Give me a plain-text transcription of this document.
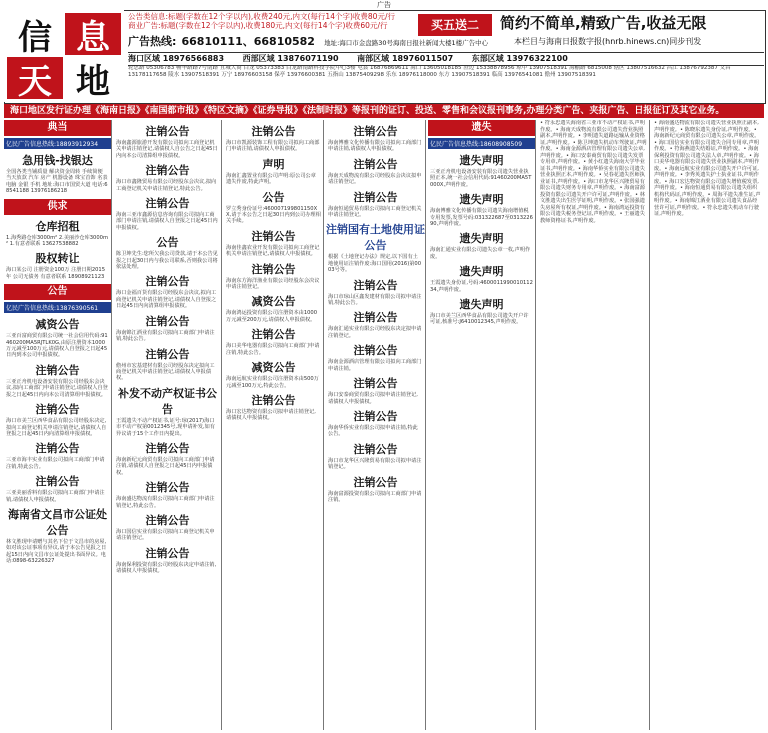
广告
信 息
天 地
公告类信息:标题(字数在12个字以内),收费240元,内文(每行14个字)收费80元/行
商业广告:标题(字数在12个字以内),收费180元,内文(每行14个字)收费60元/行
广告热线: 66810111、66810582 地址:海口市金盘路30号海南日报社新闻大楼1楼广告中心
买五送二	简约不简单,精致广告,收益无限
本栏目与海南日报数字报(hnrb.hinews.cn)同步刊发
海口区域 18976566883 西部区域 13876071190 南部区域 18976011507 东部区域 13976322100
轮思路 05306783 畅华路路7号南路 且城大商 白龙 05373383 白龙路南路科技学院中心3楼 屯县 16876869611 海口 13605018185 澄迈 15338878956 琼中 13907518391 海榆路 6815008 辖区 13807516632 昌江 13876792387 文昌 13178117658 陵水 13907518391 万宁 18976603158 保亭 13976600381 五指山 13875409298 乐东 18976118000 东方 13907518391 临高 13976541081 儋州 13907518391
海口地区发行证办理《海南日报》《南国都市报》《特区文摘》《证券导报》《法制时报》等报刊的证订、投送、零售和会议报刊事务,办理分类广告、夹报广告、日报征订及其它业务。
典当
亿民广告信息热线:18893912934
急用钱-找银达
全国各类当铺质量 解决资金周转 手续简便 当天放款 汽车 房产 机器设备 珠宝首饰 名表 电脑 金银 手机 地址:海口市国贸大道 电话:68541188 13976186218
供求
仓库招租
1.海秀路仓库3000m² 2.美丽沙仓库3000m² 1.有意者联系 13627538882
股权转让
海口某公司 注册资金100万 注册日期2015年 公司无债务 有意者联系 18908921123
公告
亿民广告信息热线:13876390561
减资公告
三亚百富商贸有限公司统一社会信用代码:91460200MA5RJTLK0G,由原注册资本1000万元减至100万元,请债权人自登报之日起45日内到本公司申报债权。
注销公告
三亚正舟机电设备安装有限公司经股东会决议,拟向工商部门申请注销登记,请债权人自登报之日起45日内向本公司清算组申报债权。
注销公告
海口市美兰区西华食品有限公司经股东决定,拟向工商登记机关申请注销登记,请债权人自登报之日起45日内向清算组申报债权。
注销公告
三亚市海丰实业有限公司拟向工商部门申请注销,特此公告。
注销公告
三亚美丽香料有限公司拟向工商部门申请注销,请债权人申报债权。
海南省文昌市公证处公告
林文胜现申请赠与其名下位于文昌市的房屋,如对该公证事项有异议,请于本公告见报之日起15日内向文昌市公证处提出书面异议。电话:0898-63226327
注销公告
海南鑫源旅游开发有限公司拟向工商登记机关申请注销登记,请债权人自公告之日起45日内向本公司清算组申报债权。
注销公告
海口市鑫隆贸易有限公司经股东会决议,拟向工商登记机关申请注销登记,特此公告。
注销公告
海南三亚市鑫源信息咨询有限公司拟向工商部门申请注销,请债权人自登报之日起45日内申报债权。
公告
陈卫坤先生:您所欠我公司贷款,请于本公告见报之日起30日内与我公司联系,否则我公司将依法处理。
注销公告
海口金福百货有限公司经股东会决议,拟向工商登记机关申请注销登记,请债权人自登报之日起45日内向清算组申报债权。
注销公告
海南锦江酒业有限公司拟向工商部门申请注销,特此公告。
注销公告
儋州市宏基建材有限公司经股东决定拟向工商登记机关申请注销登记,请债权人申报债权。
补发不动产权证书公告
王霞遗失不动产权证书,证号:琼(2017)海口市不动产权第0012345号,现申请补发,如有异议请于15个工作日内提出。
注销公告
海南新纪元商贸有限公司拟向工商部门申请注销,请债权人自登报之日起45日内申报债权。
注销公告
海南盛达物流有限公司拟向工商部门申请注销登记,特此公告。
注销公告
海口国信实业有限公司拟向工商登记机关申请注销登记。
注销公告
海南保利投资有限公司经股东决定申请注销,请债权人申报债权。
注销公告
海口市凯源装饰工程有限公司拟向工商部门申请注销,请债权人申报债权。
声明
海南汇鑫置业有限公司声明:原公司公章遗失作废,特此声明。
公告
罗立秀身份证号:460007199801150XX,请于本公告之日起30日内到公司办理相关手续。
注销公告
海南佳鑫农业开发有限公司拟向工商登记机关申请注销登记,请债权人申报债权。
注销公告
海南东方海洋渔业有限公司经股东会决议申请注销登记。
减资公告
海南鸿运投资有限公司注册资本由1000万元减至200万元,请债权人申报债权。
注销公告
海口美华电器有限公司拟向工商部门申请注销,特此公告。
减资公告
海南远航实业有限公司注册资本由500万元减至100万元,特此公告。
注销公告
海口宏达物资有限公司拟申请注销登记,请债权人申报债权。
注销公告
海南博雅文化传播有限公司拟向工商部门申请注销,请债权人申报债权。
注销公告
海南天成物流有限公司经股东会决议拟申请注销登记。
注销公告
海南恒通贸易有限公司拟向工商登记机关申请注销登记。
注销国有土地使用证公告
根据《土地登记办法》规定,以下国有土地使用证注销作废:海口国用(2016)第0003号等。
注销公告
海口市琼山区鑫发建材有限公司拟申请注销,特此公告。
注销公告
海南汇通实业有限公司经股东决定拟申请注销登记。
注销公告
海南金源酒店管理有限公司拟向工商部门申请注销。
注销公告
海口安泰商贸有限公司拟申请注销登记,请债权人申报债权。
注销公告
海南华侨实业有限公司拟申请注销,特此公告。
注销公告
海口市龙华区兴隆贸易有限公司拟申请注销登记。
注销公告
海南富源投资有限公司拟向工商部门申请注销。
遗失
亿民广告信息热线:18608908509
遗失声明
三亚正舟机电设备安装有限公司遗失营业执照正本,统一社会信用代码:91460200MA5T000X,声明作废。
遗失声明
海南博雅文化传播有限公司遗失海南增值税专用发票,发票号码:031322687至031322690,声明作废。
遗失声明
海南汇通实业有限公司遗失公章一枚,声明作废。
遗失声明
王霞遗失身份证,号码:460001199001011234,声明作废。
遗失声明
海口市美兰区西华食品有限公司遗失开户许可证,核准号:J6410012345,声明作废。
• 符永忠遗失海南省三亚市不动产权证书,声明作废。• 海南天成物流有限公司遗失营业执照副本,声明作废。• 李明遗失道路运输从业资格证,声明作废。• 陈卫坤遗失机动车驾驶证,声明作废。• 海南金源酒店管理有限公司遗失公章,声明作废。• 海口安泰商贸有限公司遗失发票专用章,声明作废。• 黄小红遗失海南大学毕业证书,声明作废。• 海南华侨实业有限公司遗失营业执照正本,声明作废。• 吴春花遗失医师执业证书,声明作废。• 海口市龙华区兴隆贸易有限公司遗失财务专用章,声明作废。• 海南富源投资有限公司遗失开户许可证,声明作废。• 林文胜遗失出生医学证明,声明作废。• 张国强遗失房屋所有权证,声明作废。• 海南鸿运投资有限公司遗失税务登记证,声明作废。• 王丽遗失教师资格证书,声明作废。
• 海南盛达物流有限公司遗失营业执照正副本,声明作废。• 陈晓东遗失身份证,声明作废。• 海南新纪元商贸有限公司遗失公章,声明作废。• 海口国信实业有限公司遗失合同专用章,声明作废。• 符海燕遗失结婚证,声明作废。• 海南保利投资有限公司遗失法人章,声明作废。• 海口美华电器有限公司遗失营业执照副本,声明作废。• 海南远航实业有限公司遗失开户许可证,声明作废。• 李秀英遗失护士执业证书,声明作废。• 海口宏达物资有限公司遗失增值税发票,声明作废。• 海南恒通贸易有限公司遗失组织机构代码证,声明作废。• 周海平遗失准生证,声明作废。• 海南锦江酒业有限公司遗失食品经营许可证,声明作废。• 符永忠遗失机动车行驶证,声明作废。
